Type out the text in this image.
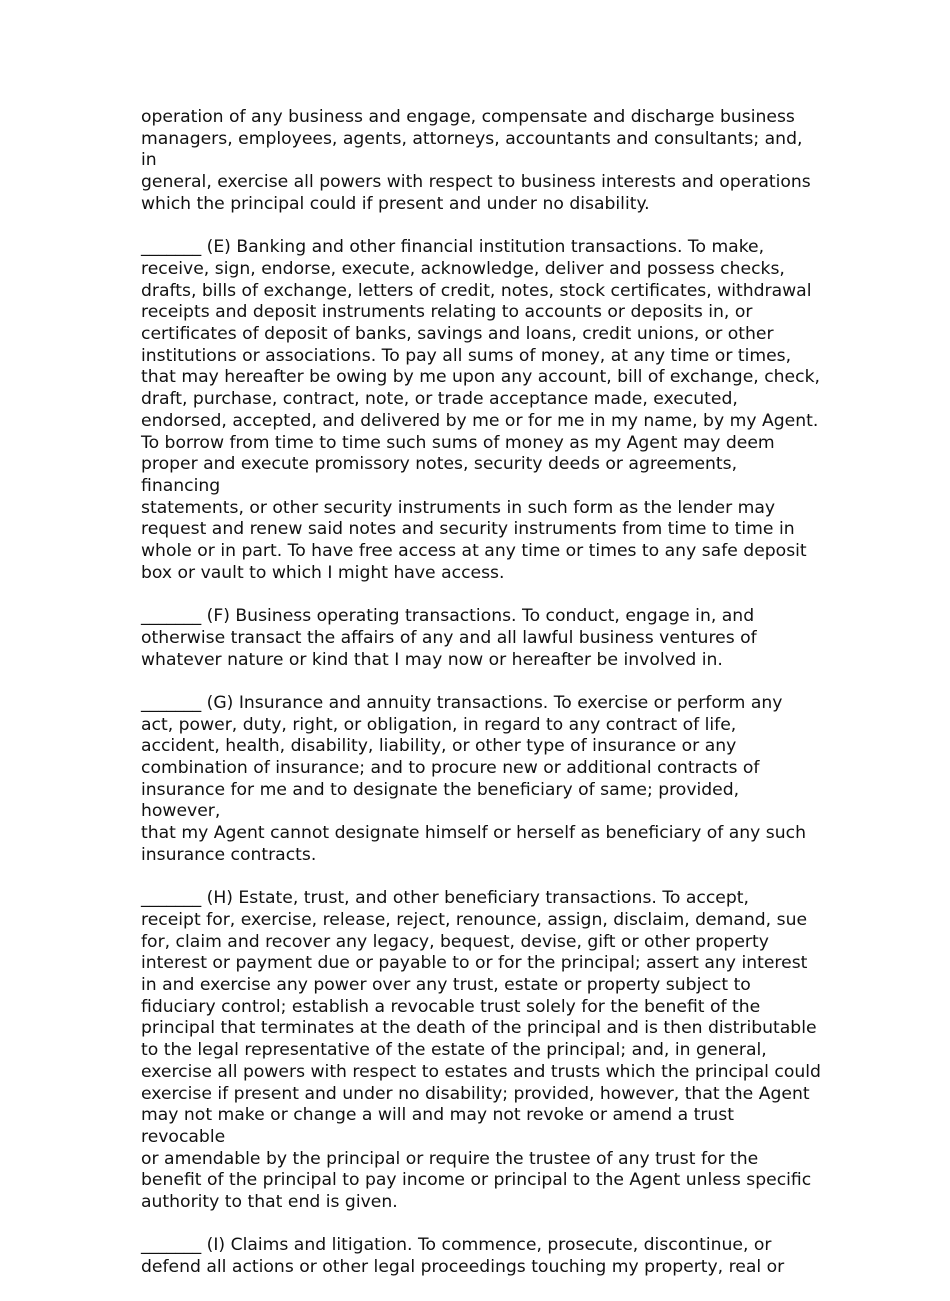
operation of any business and engage, compensate and discharge business
managers, employees, agents, attorneys, accountants and consultants; and, in
general, exercise all powers with respect to business interests and operations
which the principal could if present and under no disability.

_______ (E) Banking and other financial institution transactions. To make,
receive, sign, endorse, execute, acknowledge, deliver and possess checks,
drafts, bills of exchange, letters of credit, notes, stock certificates, withdrawal
receipts and deposit instruments relating to accounts or deposits in, or
certificates of deposit of banks, savings and loans, credit unions, or other
institutions or associations. To pay all sums of money, at any time or times,
that may hereafter be owing by me upon any account, bill of exchange, check,
draft, purchase, contract, note, or trade acceptance made, executed,
endorsed, accepted, and delivered by me or for me in my name, by my Agent.
To borrow from time to time such sums of money as my Agent may deem
proper and execute promissory notes, security deeds or agreements, financing
statements, or other security instruments in such form as the lender may
request and renew said notes and security instruments from time to time in
whole or in part. To have free access at any time or times to any safe deposit
box or vault to which I might have access.

_______ (F) Business operating transactions. To conduct, engage in, and
otherwise transact the affairs of any and all lawful business ventures of
whatever nature or kind that I may now or hereafter be involved in.

_______ (G) Insurance and annuity transactions. To exercise or perform any
act, power, duty, right, or obligation, in regard to any contract of life,
accident, health, disability, liability, or other type of insurance or any
combination of insurance; and to procure new or additional contracts of
insurance for me and to designate the beneficiary of same; provided, however,
that my Agent cannot designate himself or herself as beneficiary of any such
insurance contracts.

_______ (H) Estate, trust, and other beneficiary transactions. To accept,
receipt for, exercise, release, reject, renounce, assign, disclaim, demand, sue
for, claim and recover any legacy, bequest, devise, gift or other property
interest or payment due or payable to or for the principal; assert any interest
in and exercise any power over any trust, estate or property subject to
fiduciary control; establish a revocable trust solely for the benefit of the
principal that terminates at the death of the principal and is then distributable
to the legal representative of the estate of the principal; and, in general,
exercise all powers with respect to estates and trusts which the principal could
exercise if present and under no disability; provided, however, that the Agent
may not make or change a will and may not revoke or amend a trust revocable
or amendable by the principal or require the trustee of any trust for the
benefit of the principal to pay income or principal to the Agent unless specific
authority to that end is given.

_______ (I) Claims and litigation. To commence, prosecute, discontinue, or
defend all actions or other legal proceedings touching my property, real or
